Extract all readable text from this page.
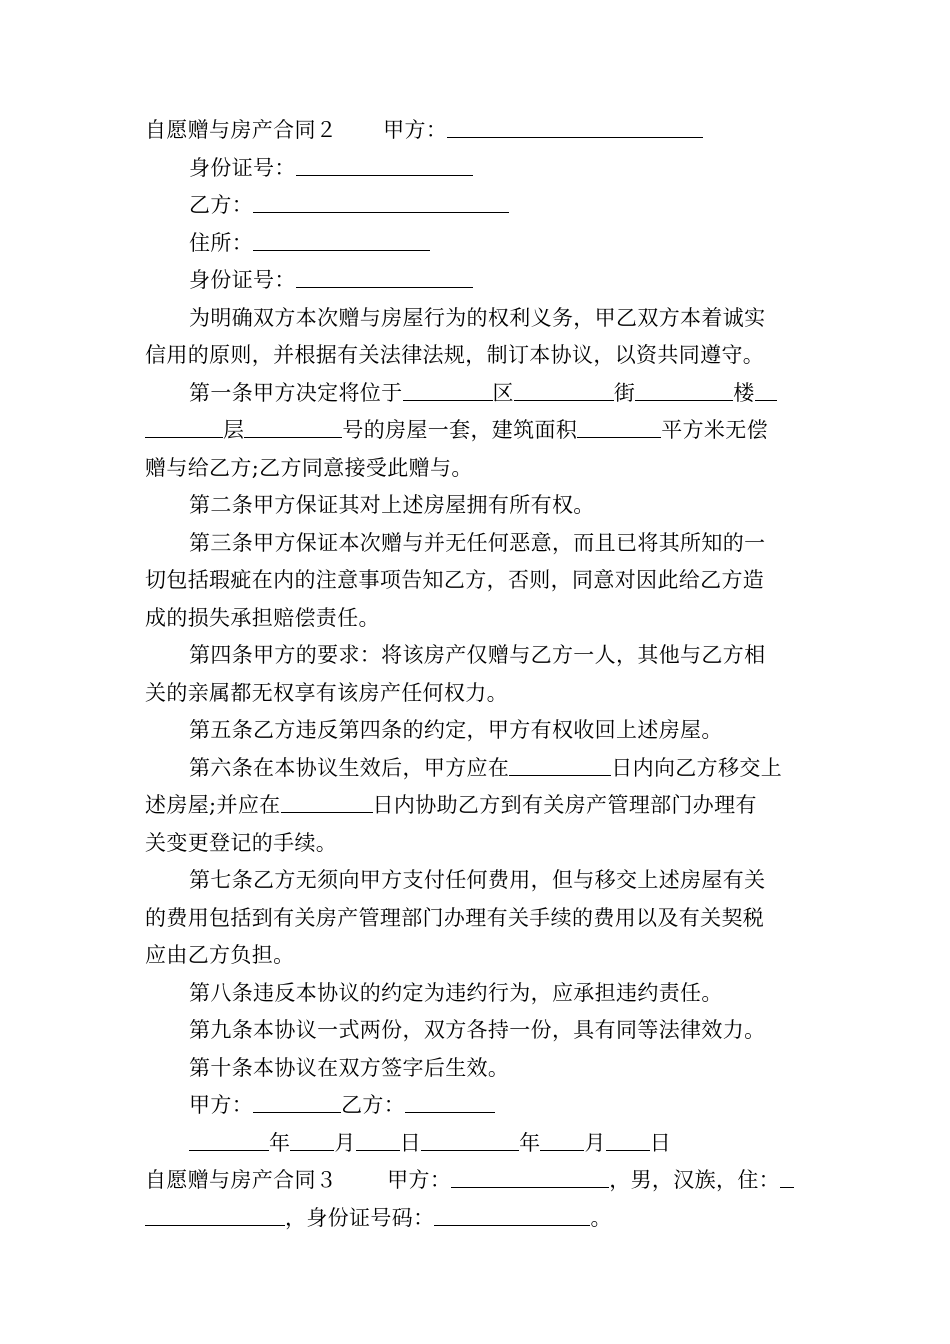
自愿赠与房产合同２ 甲方：
身份证号：
乙方：
住所：
身份证号：
为明确双方本次赠与房屋行为的权利义务，甲乙双方本着诚实
信用的原则，并根据有关法律法规，制订本协议，以资共同遵守。
第一条甲方决定将位于	区	街	楼
层	号的房屋一套，建筑面积	平方米无偿
赠与给乙方;乙方同意接受此赠与。
第二条甲方保证其对上述房屋拥有所有权。
第三条甲方保证本次赠与并无任何恶意，而且已将其所知的一
切包括瑕疵在内的注意事项告知乙方，否则，同意对因此给乙方造
成的损失承担赔偿责任。
第四条甲方的要求：将该房产仅赠与乙方一人，其他与乙方相
关的亲属都无权享有该房产任何权力。
第五条乙方违反第四条的约定，甲方有权收回上述房屋。
第六条在本协议生效后，甲方应在	日内向乙方移交上
述房屋;并应在	日内协助乙方到有关房产管理部门办理有
关变更登记的手续。
第七条乙方无须向甲方支付任何费用，但与移交上述房屋有关
的费用包括到有关房产管理部门办理有关手续的费用以及有关契税
应由乙方负担。
第八条违反本协议的约定为违约行为，应承担违约责任。
第九条本协议一式两份，双方各持一份，具有同等法律效力。
第十条本协议在双方签字后生效。
甲方：	乙方：
年 月 日	年 月 日
自愿赠与房产合同３ 甲方：	，男，汉族，住：
，身份证号码：	。
